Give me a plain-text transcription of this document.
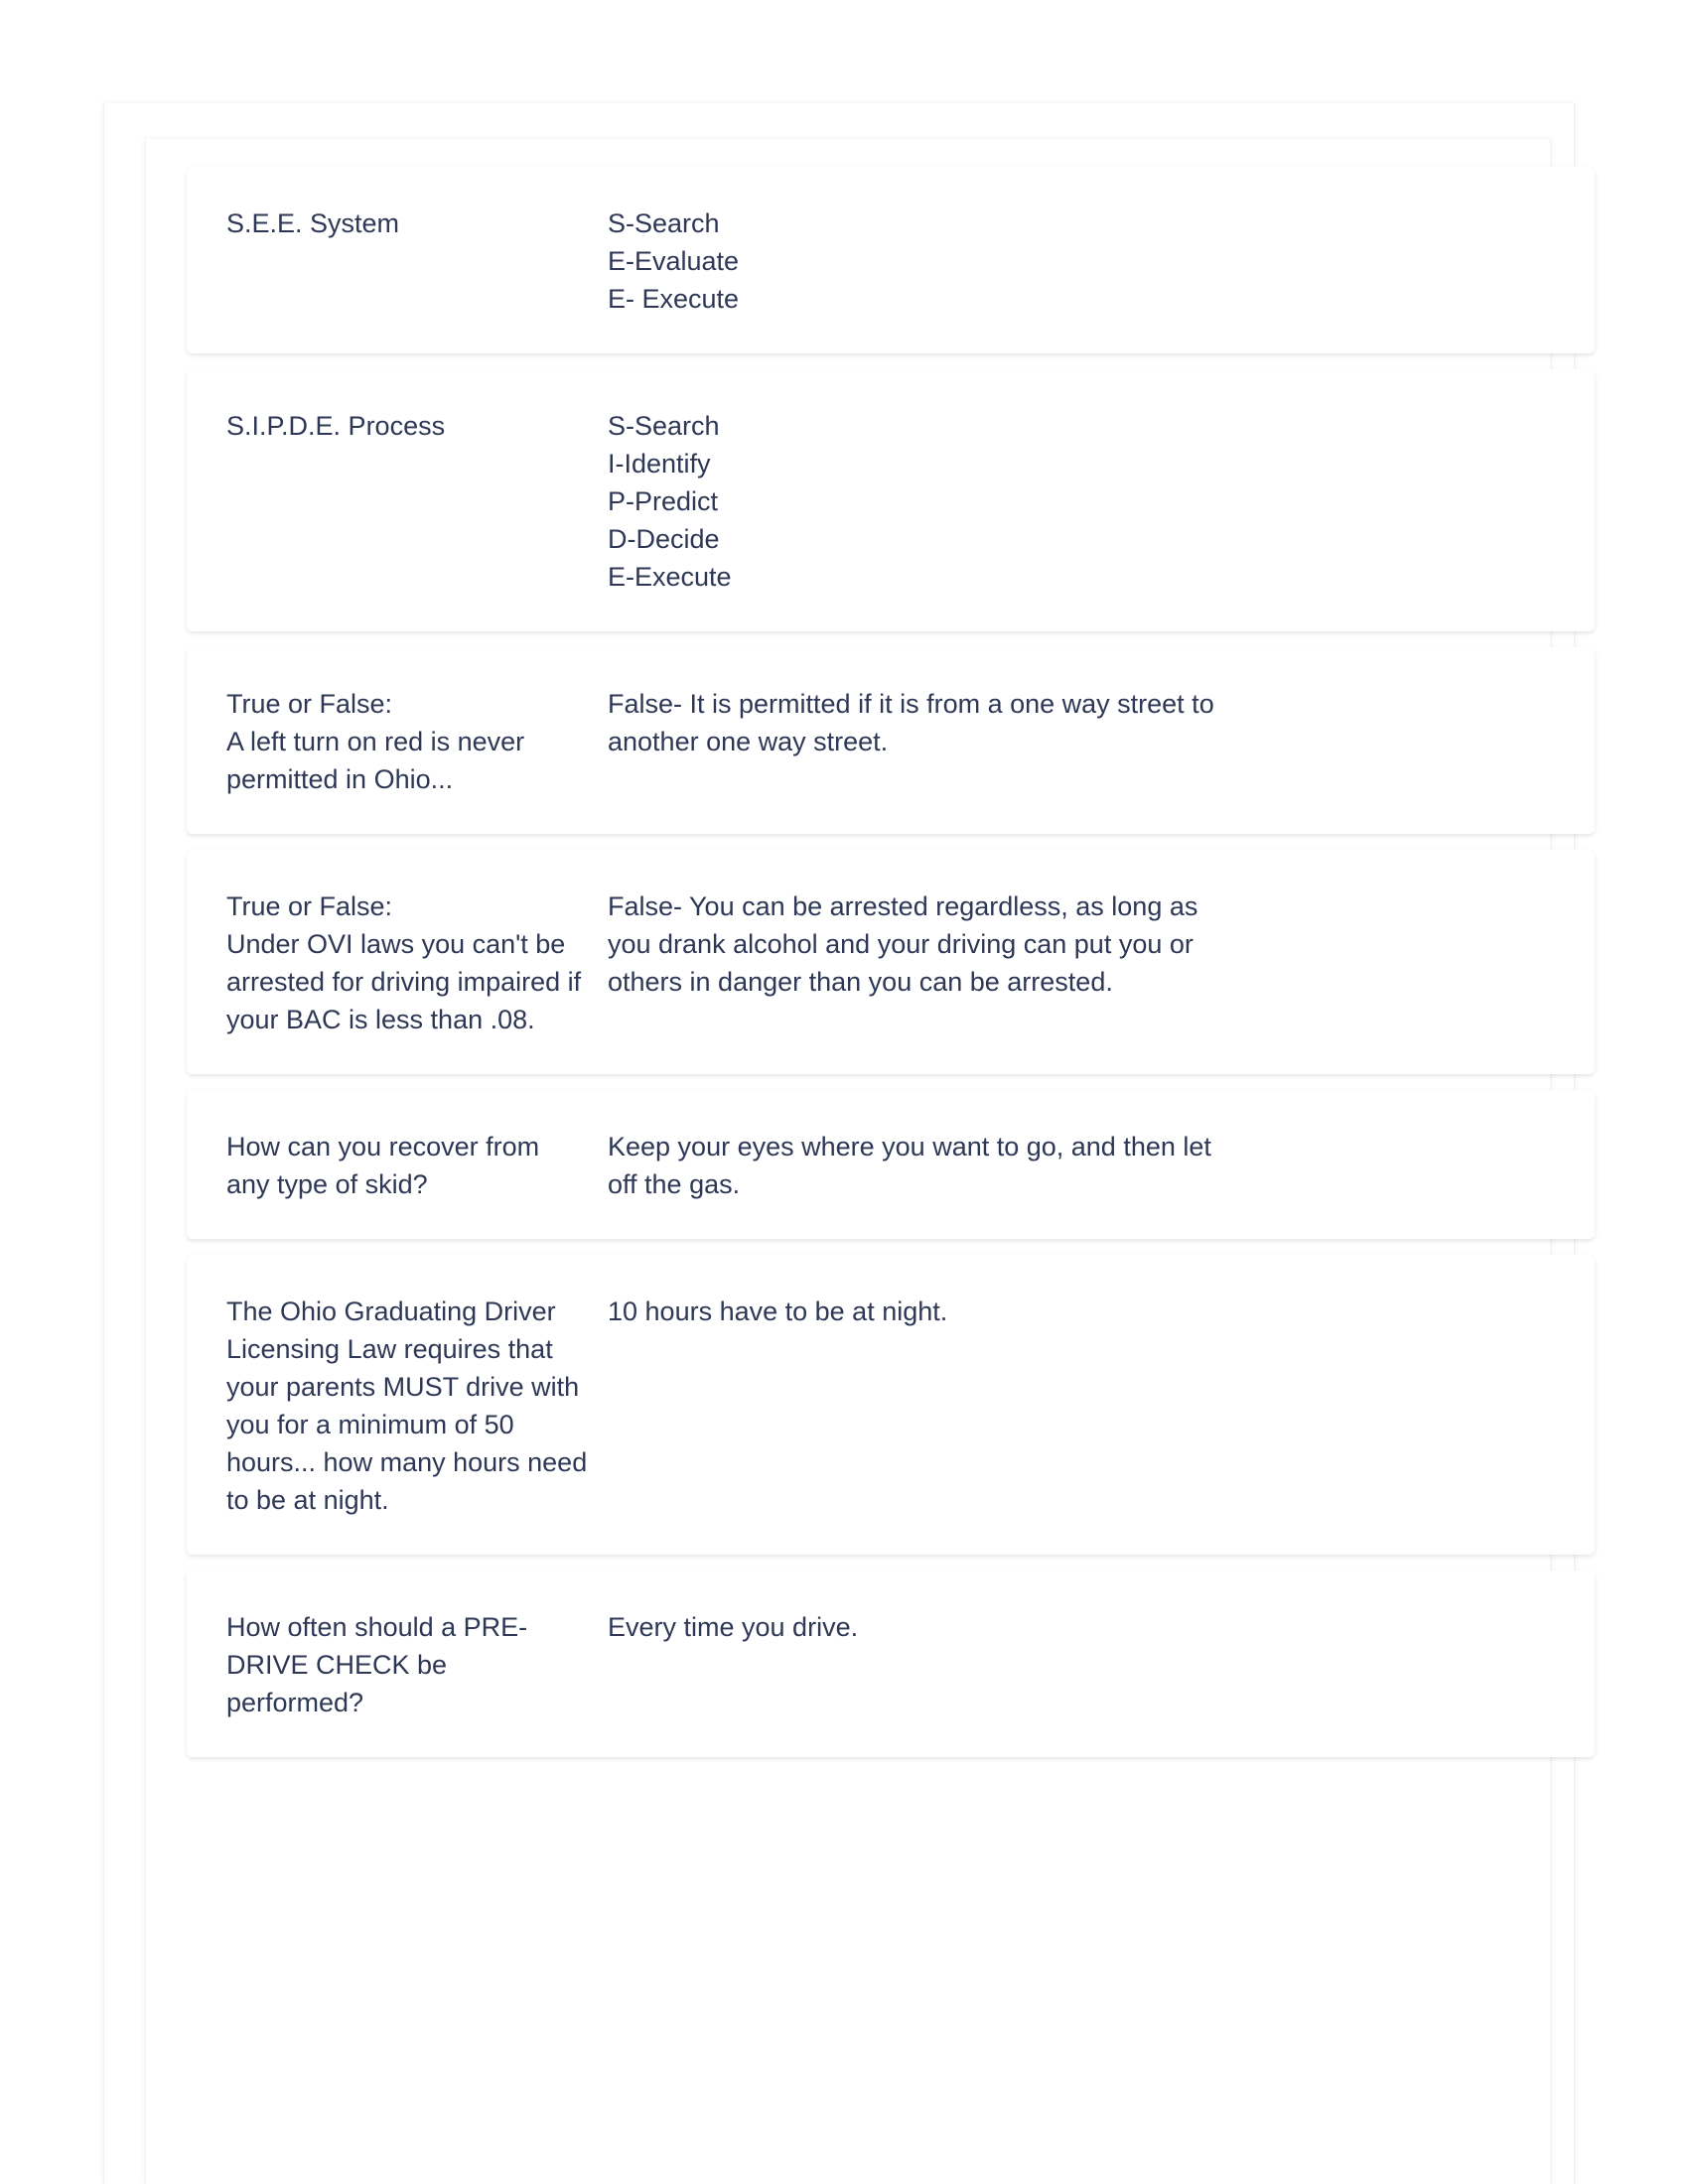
S.E.E. System	S-Search
E-Evaluate
E- Execute
S.I.P.D.E. Process	S-Search
I-Identify
P-Predict
D-Decide
E-Execute
True or False:
A left turn on red is never permitted in Ohio...
False- It is permitted if it is from a one way street to another one way street.
True or False:
Under OVI laws you can't be arrested for driving impaired if your BAC is less than .08.
False- You can be arrested regardless, as long as you drank alcohol and your driving can put you or others in danger than you can be arrested.
How can you recover from any type of skid?
Keep your eyes where you want to go, and then let off the gas.
The Ohio Graduating Driver Licensing Law requires that your parents MUST drive with you for a minimum of 50 hours... how many hours need to be at night.
10 hours have to be at night.
How often should a PRE-DRIVE CHECK be performed?
Every time you drive.
